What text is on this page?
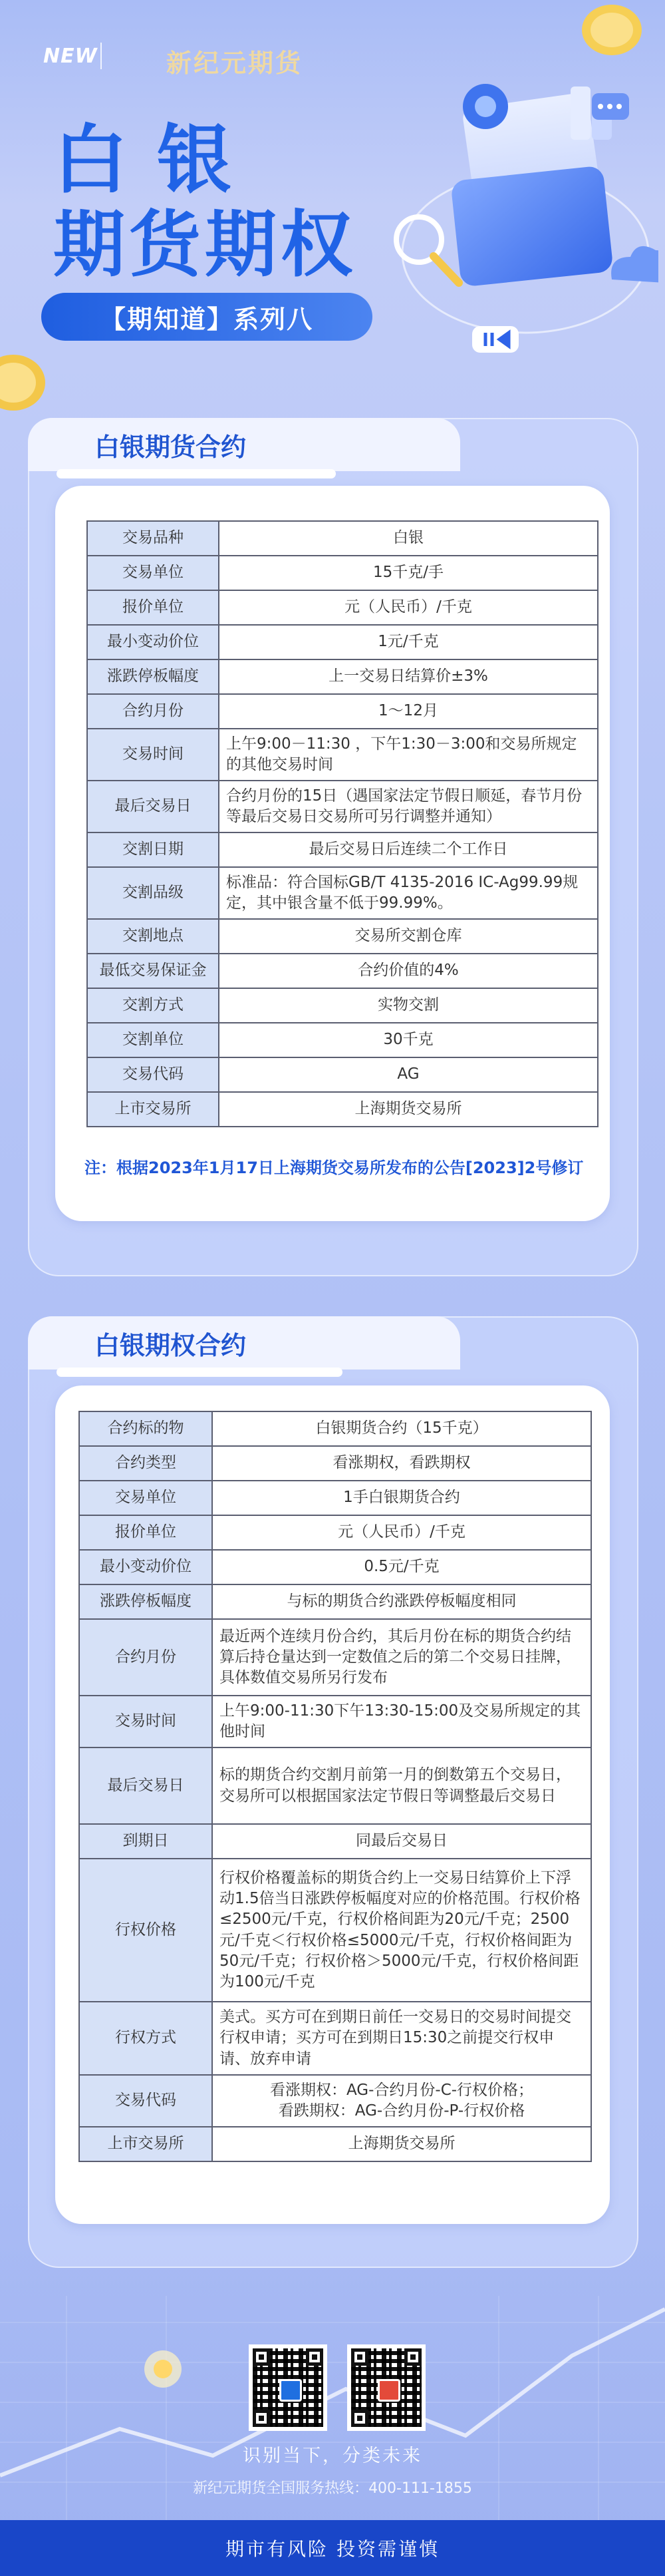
NEW	新纪元期货
白银
期货期权
【期知道】系列八
白银期货合约
交易品种	白银
交易单位	15千克/手
报价单位	元（人民币）/千克
最小变动价位	1元/千克
涨跌停板幅度	上一交易日结算价±3%
合约月份	1～12月
交易时间	上午9:00－11:30 ，下午1:30－3:00和交易所规定的其他交易时间
最后交易日	合约月份的15日（遇国家法定节假日顺延，春节月份等最后交易日交易所可另行调整并通知）
交割日期	最后交易日后连续二个工作日
交割品级	标准品：符合国标GB/T 4135-2016 IC-Ag99.99规定，其中银含量不低于99.99%。
交割地点	交易所交割仓库
最低交易保证金	合约价值的4%
交割方式	实物交割
交割单位	30千克
交易代码	AG
上市交易所	上海期货交易所
注：根据2023年1月17日上海期货交易所发布的公告[2023]2号修订
白银期权合约
合约标的物	白银期货合约（15千克）
合约类型	看涨期权，看跌期权
交易单位	1手白银期货合约
报价单位	元（人民币）/千克
最小变动价位	0.5元/千克
涨跌停板幅度	与标的期货合约涨跌停板幅度相同
合约月份	最近两个连续月份合约，其后月份在标的期货合约结算后持仓量达到一定数值之后的第二个交易日挂牌，具体数值交易所另行发布
交易时间	上午9:00-11:30下午13:30-15:00及交易所规定的其他时间
最后交易日	标的期货合约交割月前第一月的倒数第五个交易日，交易所可以根据国家法定节假日等调整最后交易日
到期日	同最后交易日
行权价格	行权价格覆盖标的期货合约上一交易日结算价上下浮动1.5倍当日涨跌停板幅度对应的价格范围。行权价格≤2500元/千克，行权价格间距为20元/千克；2500元/千克＜行权价格≤5000元/千克，行权价格间距为50元/千克；行权价格＞5000元/千克，行权价格间距为100元/千克
行权方式	美式。买方可在到期日前任一交易日的交易时间提交行权申请；买方可在到期日15:30之前提交行权申请、放弃申请
交易代码	看涨期权：AG-合约月份-C-行权价格；
看跌期权：AG-合约月份-P-行权价格
上市交易所	上海期货交易所
识别当下，分类未来
新纪元期货全国服务热线：400-111-1855
期市有风险 投资需谨慎
